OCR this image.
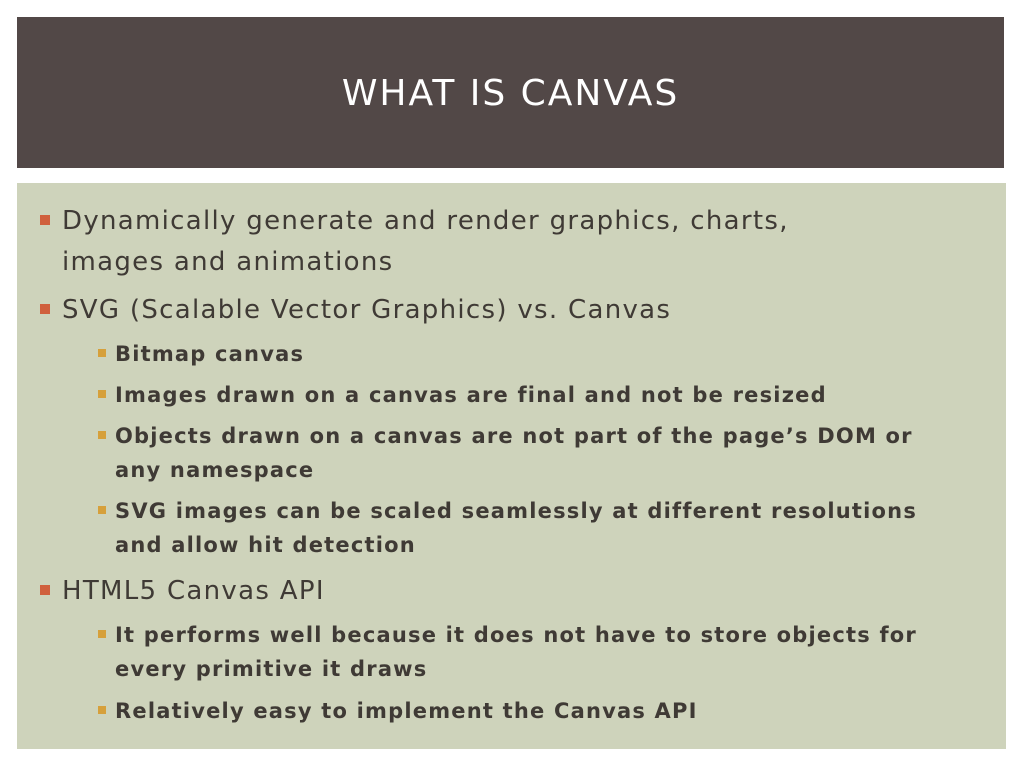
WHAT IS CANVAS
Dynamically generate and render graphics, charts,
images and animations
SVG (Scalable Vector Graphics) vs. Canvas
Bitmap canvas
Images drawn on a canvas are final and not be resized
Objects drawn on a canvas are not part of the page’s DOM or
any namespace
SVG images can be scaled seamlessly at different resolutions
and allow hit detection
HTML5 Canvas API
It performs well because it does not have to store objects for
every primitive it draws
Relatively easy to implement the Canvas API
